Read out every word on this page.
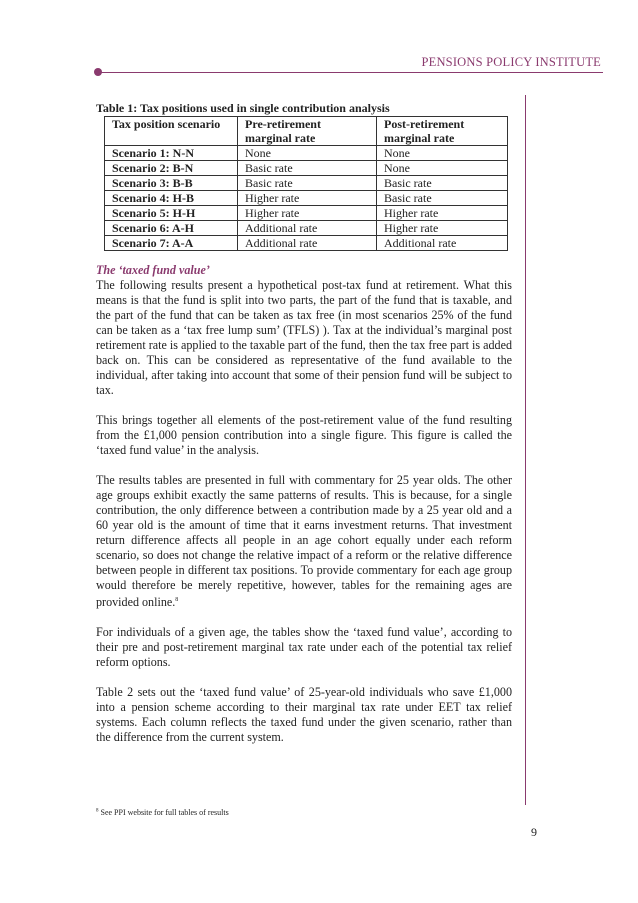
PENSIONS POLICY INSTITUTE

Table 1: Tax positions used in single contribution analysis

Tax position scenario	Pre-retirement marginal rate	Post-retirement marginal rate
Scenario 1: N-N	None	None
Scenario 2: B-N	Basic rate	None
Scenario 3: B-B	Basic rate	Basic rate
Scenario 4: H-B	Higher rate	Basic rate
Scenario 5: H-H	Higher rate	Higher rate
Scenario 6: A-H	Additional rate	Higher rate
Scenario 7: A-A	Additional rate	Additional rate

The ‘taxed fund value’

The following results present a hypothetical post-tax fund at retirement. What this means is that the fund is split into two parts, the part of the fund that is taxable, and the part of the fund that can be taken as tax free (in most scenarios 25% of the fund can be taken as a ‘tax free lump sum’ (TFLS) ). Tax at the individual’s marginal post retirement rate is applied to the taxable part of the fund, then the tax free part is added back on. This can be considered as representative of the fund available to the individual, after taking into account that some of their pension fund will be subject to tax.

This brings together all elements of the post-retirement value of the fund resulting from the £1,000 pension contribution into a single figure. This figure is called the ‘taxed fund value’ in the analysis.

The results tables are presented in full with commentary for 25 year olds. The other age groups exhibit exactly the same patterns of results. This is because, for a single contribution, the only difference between a contribution made by a 25 year old and a 60 year old is the amount of time that it earns investment returns. That investment return difference affects all people in an age cohort equally under each reform scenario, so does not change the relative impact of a reform or the relative difference between people in different tax positions. To provide commentary for each age group would therefore be merely repetitive, however, tables for the remaining ages are provided online.$^8$

For individuals of a given age, the tables show the ‘taxed fund value’, according to their pre and post-retirement marginal tax rate under each of the potential tax relief reform options.

Table 2 sets out the ‘taxed fund value’ of 25-year-old individuals who save £1,000 into a pension scheme according to their marginal tax rate under EET tax relief systems. Each column reflects the taxed fund under the given scenario, rather than the difference from the current system.

$^8$ See PPI website for full tables of results
9
